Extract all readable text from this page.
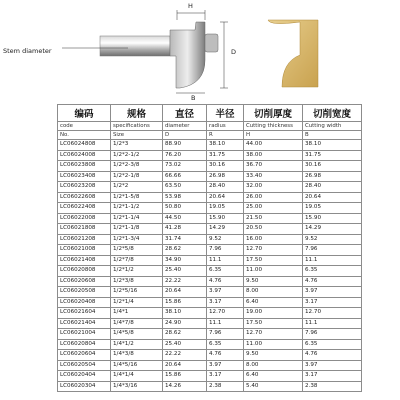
Stem diameter
H
D
B
编码	规格	直径	半径	切削厚度	切削宽度
code	specifications	diameter	radius	Cutting thickness	Cutting width
No.	Size	D	R	H	B
LC06024808	1/2*3	88.90	38.10	44.00	38.10
LC06024008	1/2*2-1/2	76.20	31.75	38.00	31.75
LC06023808	1/2*2-3/8	73.02	30.16	36.70	30.16
LC06023408	1/2*2-1/8	66.66	26.98	33.40	26.98
LC06023208	1/2*2	63.50	28.40	32.00	28.40
LC06022608	1/2*1-5/8	53.98	20.64	26.00	20.64
LC06022408	1/2*1-1/2	50.80	19.05	25.00	19.05
LC06022008	1/2*1-1/4	44.50	15.90	21.50	15.90
LC06021808	1/2*1-1/8	41.28	14.29	20.50	14.29
LC06021208	1/2*1-3/4	31.74	9.52	16.00	9.52
LC06021008	1/2*5/8	28.62	7.96	12.70	7.96
LC06021408	1/2*7/8	34.90	11.1	17.50	11.1
LC06020808	1/2*1/2	25.40	6.35	11.00	6.35
LC06020608	1/2*3/8	22.22	4.76	9.50	4.76
LC06020508	1/2*5/16	20.64	3.97	8.00	3.97
LC06020408	1/2*1/4	15.86	3.17	6.40	3.17
LC06021604	1/4*1	38.10	12.70	19.00	12.70
LC06021404	1/4*7/8	24.90	11.1	17.50	11.1
LC06021004	1/4*5/8	28.62	7.96	12.70	7.96
LC06020804	1/4*1/2	25.40	6.35	11.00	6.35
LC06020604	1/4*3/8	22.22	4.76	9.50	4.76
LC06020504	1/4*5/16	20.64	3.97	8.00	3.97
LC06020404	1/4*1/4	15.86	3.17	6.40	3.17
LC06020304	1/4*3/16	14.26	2.38	5.40	2.38
